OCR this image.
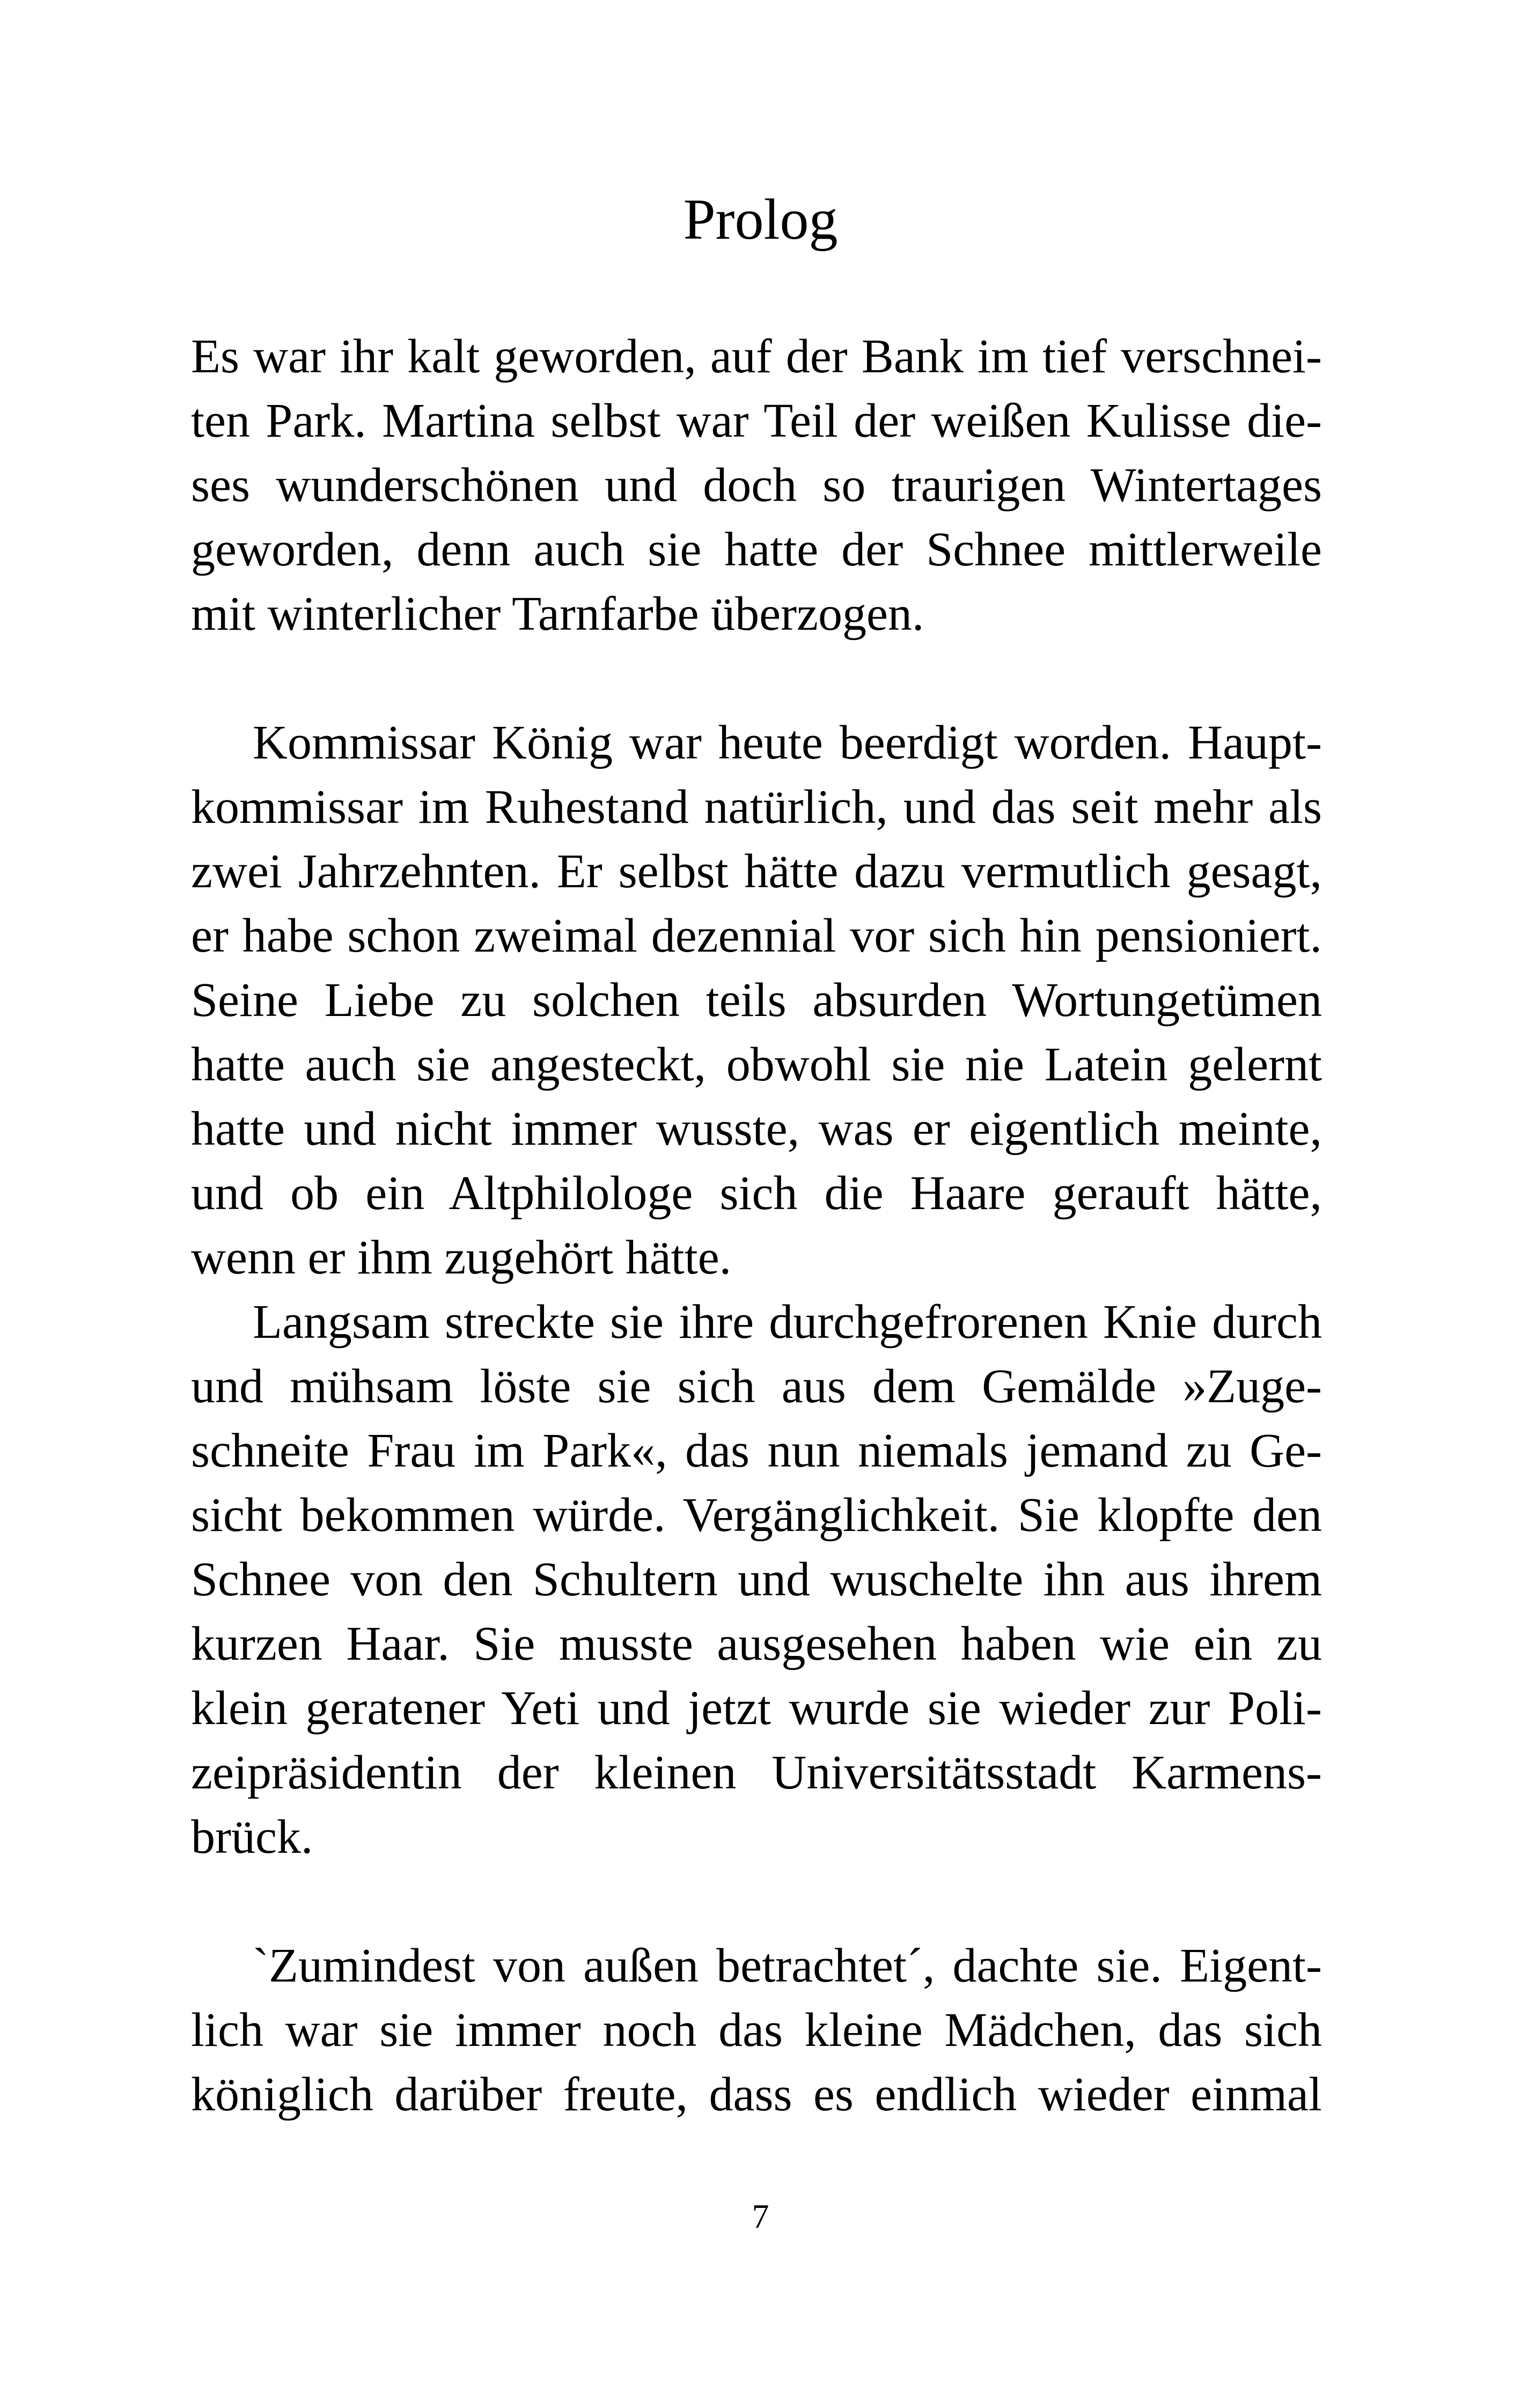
Prolog
Es war ihr kalt geworden, auf der Bank im tief verschnei-
ten Park. Martina selbst war Teil der weißen Kulisse die-
ses wunderschönen und doch so traurigen Wintertages
geworden, denn auch sie hatte der Schnee mittlerweile
mit winterlicher Tarnfarbe überzogen.
Kommissar König war heute beerdigt worden. Haupt-
kommissar im Ruhestand natürlich, und das seit mehr als
zwei Jahrzehnten. Er selbst hätte dazu vermutlich gesagt,
er habe schon zweimal dezennial vor sich hin pensioniert.
Seine Liebe zu solchen teils absurden Wortungetümen
hatte auch sie angesteckt, obwohl sie nie Latein gelernt
hatte und nicht immer wusste, was er eigentlich meinte,
und ob ein Altphilologe sich die Haare gerauft hätte,
wenn er ihm zugehört hätte.
Langsam streckte sie ihre durchgefrorenen Knie durch
und mühsam löste sie sich aus dem Gemälde »Zuge-
schneite Frau im Park«, das nun niemals jemand zu Ge-
sicht bekommen würde. Vergänglichkeit. Sie klopfte den
Schnee von den Schultern und wuschelte ihn aus ihrem
kurzen Haar. Sie musste ausgesehen haben wie ein zu
klein geratener Yeti und jetzt wurde sie wieder zur Poli-
zeipräsidentin der kleinen Universitätsstadt Karmens-
brück.
`Zumindest von außen betrachtet´, dachte sie. Eigent-
lich war sie immer noch das kleine Mädchen, das sich
königlich darüber freute, dass es endlich wieder einmal
7
